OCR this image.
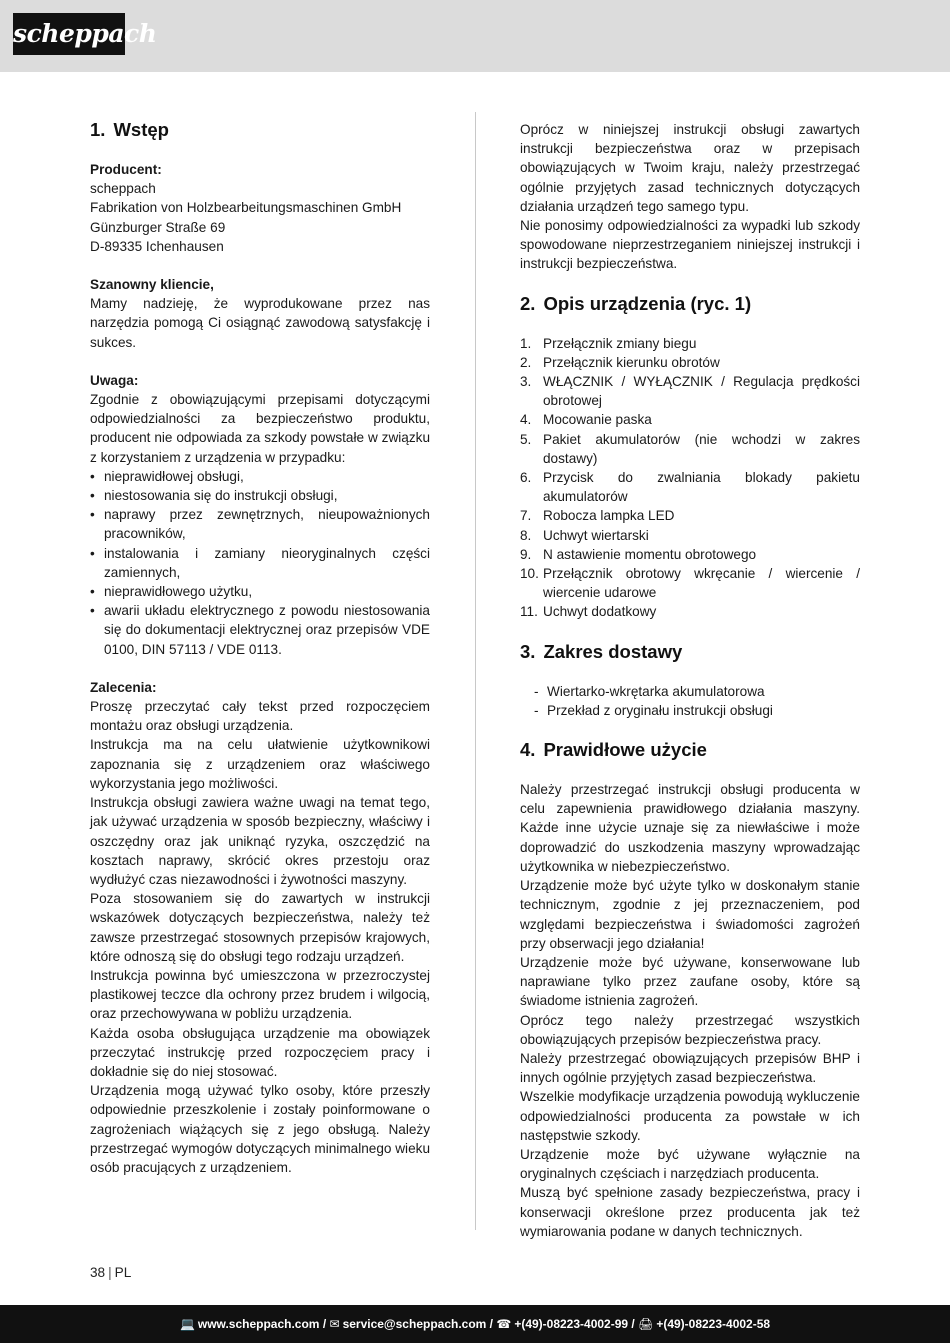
scheppach
1. Wstęp
Producent:

scheppach

Fabrikation von Holzbearbeitungsmaschinen GmbH

Günzburger Straße 69

D-89335 Ichenhausen

Szanowny kliencie,

Mamy nadzieję, że wyprodukowane przez nas narzędzia pomogą Ci osiągnąć zawodową satysfakcję i sukces.

Uwaga:

Zgodnie z obowiązującymi przepisami dotyczącymi odpowiedzialności za bezpieczeństwo produktu, producent nie odpowiada za szkody powstałe w związku z korzystaniem z urządzenia w przypadku:

• nieprawidłowej obsługi,
• niestosowania się do instrukcji obsługi,
• naprawy przez zewnętrznych, nieupoważnionych pracowników,
• instalowania i zamiany nieoryginalnych części zamiennych,
• nieprawidłowego użytku,
• awarii układu elektrycznego z powodu niestosowania się do dokumentacji elektrycznej oraz przepisów VDE 0100, DIN 57113 / VDE 0113.
Zalecenia:

Proszę przeczytać cały tekst przed rozpoczęciem montażu oraz obsługi urządzenia.

Instrukcja ma na celu ułatwienie użytkownikowi zapoznania się z urządzeniem oraz właściwego wykorzystania jego możliwości.

Instrukcja obsługi zawiera ważne uwagi na temat tego, jak używać urządzenia w sposób bezpieczny, właściwy i oszczędny oraz jak uniknąć ryzyka, oszczędzić na kosztach naprawy, skrócić okres przestoju oraz wydłużyć czas niezawodności i żywotności maszyny.

Poza stosowaniem się do zawartych w instrukcji wskazówek dotyczących bezpieczeństwa, należy też zawsze przestrzegać stosownych przepisów krajowych, które odnoszą się do obsługi tego rodzaju urządzeń.

Instrukcja powinna być umieszczona w przezroczystej plastikowej teczce dla ochrony przez brudem i wilgocią, oraz przechowywana w pobliżu urządzenia.

Każda osoba obsługująca urządzenie ma obowiązek przeczytać instrukcję przed rozpoczęciem pracy i dokładnie się do niej stosować.

Urządzenia mogą używać tylko osoby, które przeszły odpowiednie przeszkolenie i zostały poinformowane o zagrożeniach wiążących się z jego obsługą. Należy przestrzegać wymogów dotyczących minimalnego wieku osób pracujących z urządzeniem.

Oprócz w niniejszej instrukcji obsługi zawartych instrukcji bezpieczeństwa oraz w przepisach obowiązujących w Twoim kraju, należy przestrzegać ogólnie przyjętych zasad technicznych dotyczących działania urządzeń tego samego typu.

Nie ponosimy odpowiedzialności za wypadki lub szkody spowodowane nieprzestrzeganiem niniejszej instrukcji i instrukcji bezpieczeństwa.

2. Opis urządzenia (ryc. 1)
1. Przełącznik zmiany biegu
2. Przełącznik kierunku obrotów
3. WŁĄCZNIK / WYŁĄCZNIK / Regulacja prędkości obrotowej
4. Mocowanie paska
5. Pakiet akumulatorów (nie wchodzi w zakres dostawy)
6. Przycisk do zwalniania blokady pakietu akumulatorów
7. Robocza lampka LED
8. Uchwyt wiertarski
9. N astawienie momentu obrotowego
10. Przełącznik obrotowy wkręcanie / wiercenie / wiercenie udarowe
11. Uchwyt dodatkowy
3. Zakres dostawy
- Wiertarko-wkrętarka akumulatorowa
- Przekład z oryginału instrukcji obsługi
4. Prawidłowe użycie

Należy przestrzegać instrukcji obsługi producenta w celu zapewnienia prawidłowego działania maszyny. Każde inne użycie uznaje się za niewłaściwe i może doprowadzić do uszkodzenia maszyny wprowadzając użytkownika w niebezpieczeństwo.

Urządzenie może być użyte tylko w doskonałym stanie technicznym, zgodnie z jej przeznaczeniem, pod względami bezpieczeństwa i świadomości zagrożeń przy obserwacji jego działania!

Urządzenie może być używane, konserwowane lub naprawiane tylko przez zaufane osoby, które są świadome istnienia zagrożeń.

Oprócz tego należy przestrzegać wszystkich obowiązujących przepisów bezpieczeństwa pracy.

Należy przestrzegać obowiązujących przepisów BHP i innych ogólnie przyjętych zasad bezpieczeństwa.

Wszelkie modyfikacje urządzenia powodują wykluczenie odpowiedzialności producenta za powstałe w ich następstwie szkody.

Urządzenie może być używane wyłącznie na oryginalnych częściach i narzędziach producenta.

Muszą być spełnione zasady bezpieczeństwa, pracy i konserwacji określone przez producenta jak też wymiarowania podane w danych technicznych.

38 | PL
💻 www.scheppach.com / ✉ service@scheppach.com / ☎ +(49)-08223-4002-99 / 🖨 +(49)-08223-4002-58
